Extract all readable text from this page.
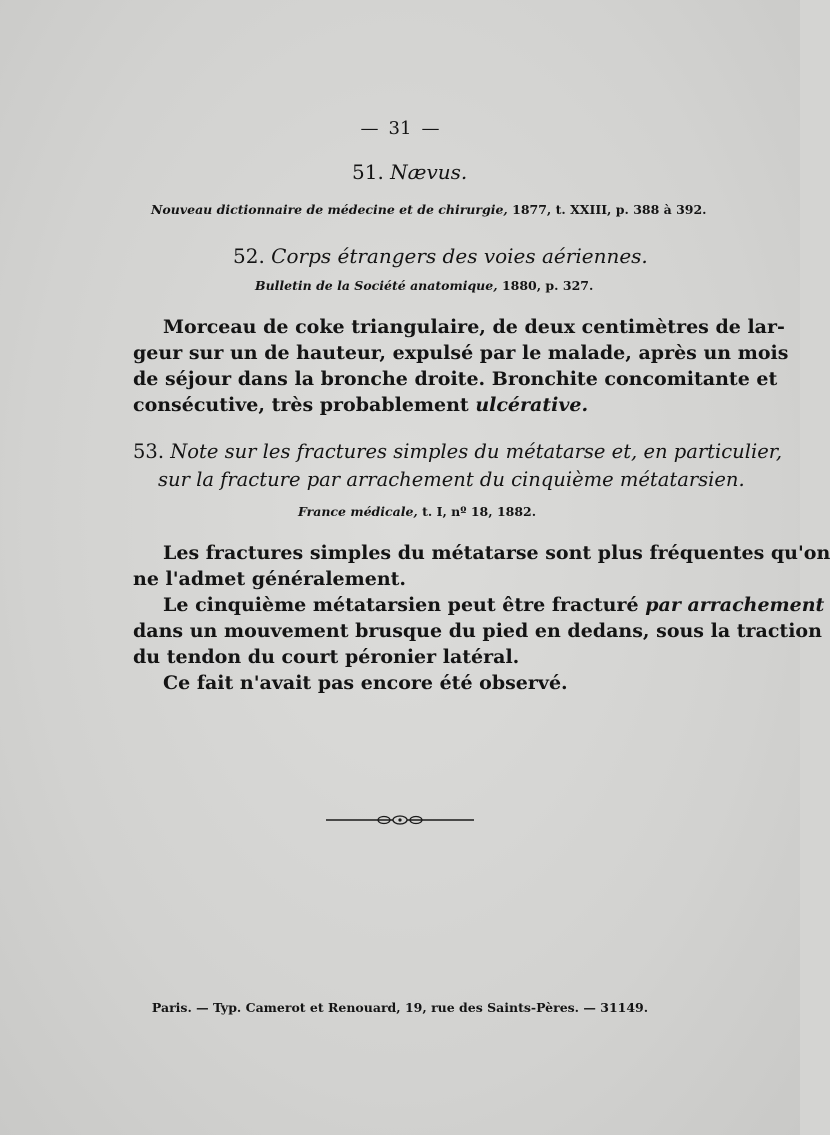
— 31 —
51. Nævus.
Nouveau dictionnaire de médecine et de chirurgie, 1877, t. XXIII, p. 388 à 392.
52. Corps étrangers des voies aériennes.
Bulletin de la Société anatomique, 1880, p. 327.
Morceau de coke triangulaire, de deux centimètres de lar-
geur sur un de hauteur, expulsé par le malade, après un mois
de séjour dans la bronche droite. Bronchite concomitante et
consécutive, très probablement ulcérative.
53. Note sur les fractures simples du métatarse et, en particulier,
sur la fracture par arrachement du cinquième métatarsien.
France médicale, t. I, nº 18, 1882.
Les fractures simples du métatarse sont plus fréquentes qu'on
ne l'admet généralement.
Le cinquième métatarsien peut être fracturé par arrachement
dans un mouvement brusque du pied en dedans, sous la traction
du tendon du court péronier latéral.
Ce fait n'avait pas encore été observé.
Paris. — Typ. Camerot et Renouard, 19, rue des Saints-Pères. — 31149.
